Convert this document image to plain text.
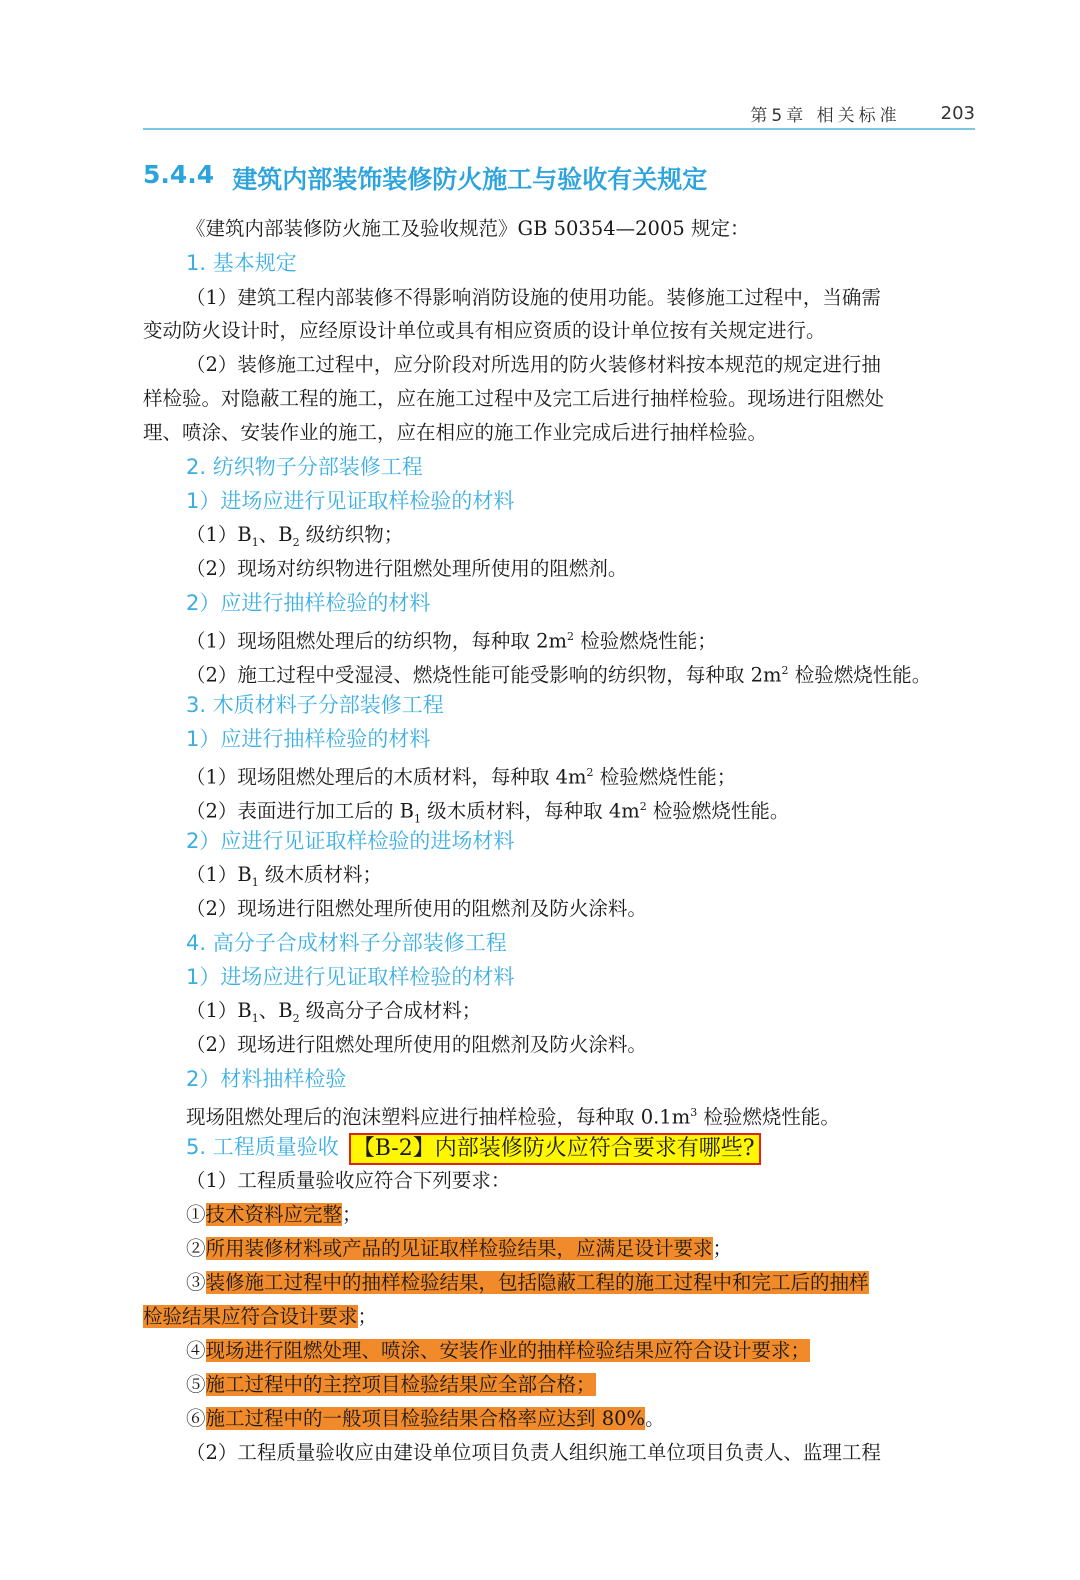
第5章 相关标准 203
5.4.4 建筑内部装饰装修防火施工与验收有关规定
《建筑内部装修防火施工及验收规范》GB 50354—2005 规定：
1. 基本规定
（1）建筑工程内部装修不得影响消防设施的使用功能。装修施工过程中，当确需
变动防火设计时，应经原设计单位或具有相应资质的设计单位按有关规定进行。
（2）装修施工过程中，应分阶段对所选用的防火装修材料按本规范的规定进行抽
样检验。对隐蔽工程的施工，应在施工过程中及完工后进行抽样检验。现场进行阻燃处
理、喷涂、安装作业的施工，应在相应的施工作业完成后进行抽样检验。
2. 纺织物子分部装修工程
1）进场应进行见证取样检验的材料
$(1)B_1$、$B_2$ 级纺织物；
（2）现场对纺织物进行阻燃处理所使用的阻燃剂。
2）应进行抽样检验的材料
（1）现场阻燃处理后的纺织物，每种取 $2m^2$ 检验燃烧性能；
（2）施工过程中受湿浸、燃烧性能可能受影响的纺织物，每种取 $2m^2$ 检验燃烧性能。
3. 木质材料子分部装修工程
1）应进行抽样检验的材料
（1）现场阻燃处理后的木质材料，每种取 $4m^2$ 检验燃烧性能；
（2）表面进行加工后的 $B_1$ 级木质材料，每种取 $4m^2$ 检验燃烧性能。
2）应进行见证取样检验的进场材料
$(1)B_1$ 级木质材料；
（2）现场进行阻燃处理所使用的阻燃剂及防火涂料。
4. 高分子合成材料子分部装修工程
1）进场应进行见证取样检验的材料
$(1)B_1$、$B_2$ 级高分子合成材料；
（2）现场进行阻燃处理所使用的阻燃剂及防火涂料。
2）材料抽样检验
现场阻燃处理后的泡沫塑料应进行抽样检验，每种取 $0.1m^3$ 检验燃烧性能。
5. 工程质量验收 【B-2】内部装修防火应符合要求有哪些?
（1）工程质量验收应符合下列要求：
①技术资料应完整；
②所用装修材料或产品的见证取样检验结果，应满足设计要求；
③装修施工过程中的抽样检验结果，包括隐蔽工程的施工过程中和完工后的抽样
检验结果应符合设计要求；
④现场进行阻燃处理、喷涂、安装作业的抽样检验结果应符合设计要求；
⑤施工过程中的主控项目检验结果应全部合格；
⑥施工过程中的一般项目检验结果合格率应达到 80%。
（2）工程质量验收应由建设单位项目负责人组织施工单位项目负责人、监理工程
